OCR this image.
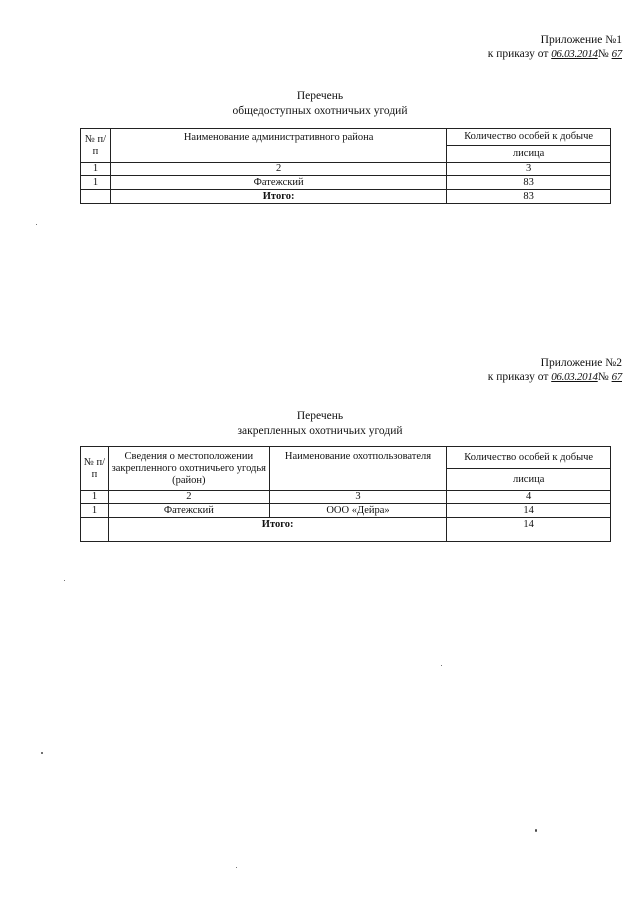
Приложение №1
к приказу от 06.03.2014№ 67
Перечень
общедоступных охотничьих угодий
№ п/п	Наименование административного района	Количество особей к добыче
		лисица
1	2	3
1	Фатежский	83
	Итого:	83
Приложение №2
к приказу от 06.03.2014№ 67
Перечень
закрепленных охотничьих угодий
№ п/п	Сведения о местоположении закрепленного охотничьего угодья (район)	Наименование охотпользователя	Количество особей к добыче
			лисица
1	2	3	4
1	Фатежский	ООО «Дейра»	14
	Итого:		14
